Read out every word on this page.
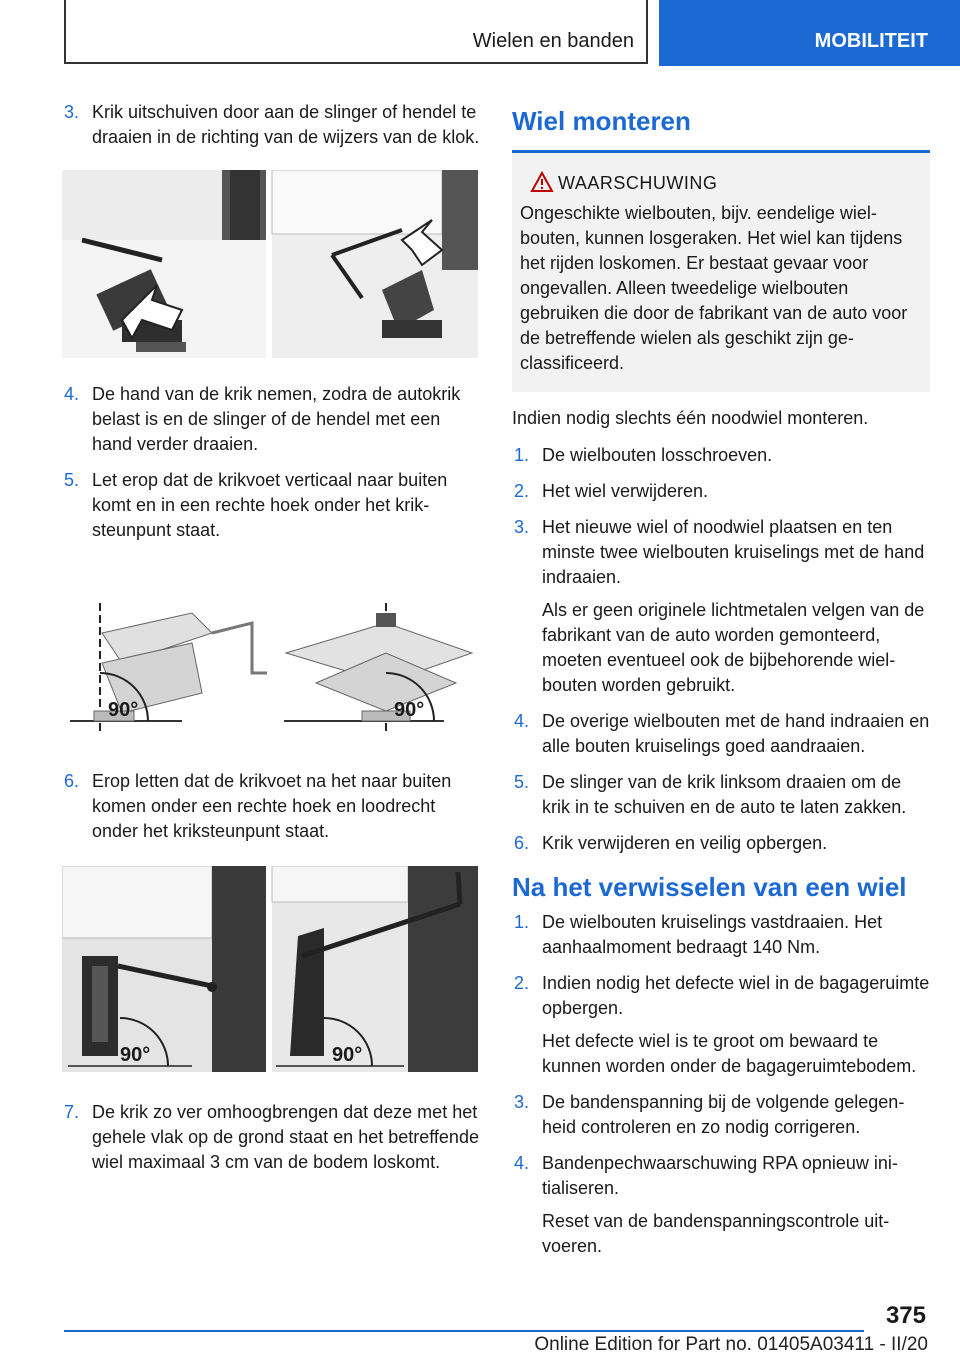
Wielen en banden	MOBILITEIT
3. Krik uitschuiven door aan de slinger of hendel te draaien in de richting van de wijzers van de klok.

4. De hand van de krik nemen, zodra de autokrik belast is en de slinger of de hendel met een hand verder draaien.

5. Let erop dat de krikvoet verticaal naar buiten komt en in een rechte hoek onder het kriksteunpunt staat.

90°	90°
6. Erop letten dat de krikvoet na het naar buiten komen onder een rechte hoek en loodrecht onder het kriksteunpunt staat.

90°	90°
7. De krik zo ver omhoogbrengen dat deze met het gehele vlak op de grond staat en het betreffende wiel maximaal 3 cm van de bodem loskomt.

Wiel monteren
WAARSCHUWING
Ongeschikte wielbouten, bijv. eendelige wielbouten, kunnen losgeraken. Het wiel kan tijdens het rijden loskomen. Er bestaat gevaar voor ongevallen. Alleen tweedelige wielbouten gebruiken die door de fabrikant van de auto voor de betreffende wielen als geschikt zijn geclassificeerd.

Indien nodig slechts één noodwiel monteren.

1. De wielbouten losschroeven.

2. Het wiel verwijderen.

3. Het nieuwe wiel of noodwiel plaatsen en ten minste twee wielbouten kruiselings met de hand indraaien.

Als er geen originele lichtmetalen velgen van de fabrikant van de auto worden gemonteerd, moeten eventueel ook de bijbehorende wielbouten worden gebruikt.

4. De overige wielbouten met de hand indraaien en alle bouten kruiselings goed aandraaien.

5. De slinger van de krik linksom draaien om de krik in te schuiven en de auto te laten zakken.

6. Krik verwijderen en veilig opbergen.

Na het verwisselen van een wiel
1. De wielbouten kruiselings vastdraaien. Het aanhaalmoment bedraagt 140 Nm.

2. Indien nodig het defecte wiel in de bagageruimte opbergen.

Het defecte wiel is te groot om bewaard te kunnen worden onder de bagageruimtebodem.

3. De bandenspanning bij de volgende gelegenheid controleren en zo nodig corrigeren.

4. Bandenpechwaarschuwing RPA opnieuw initialiseren.

Reset van de bandenspanningscontrole uitvoeren.

375
Online Edition for Part no. 01405A03411 - II/20
